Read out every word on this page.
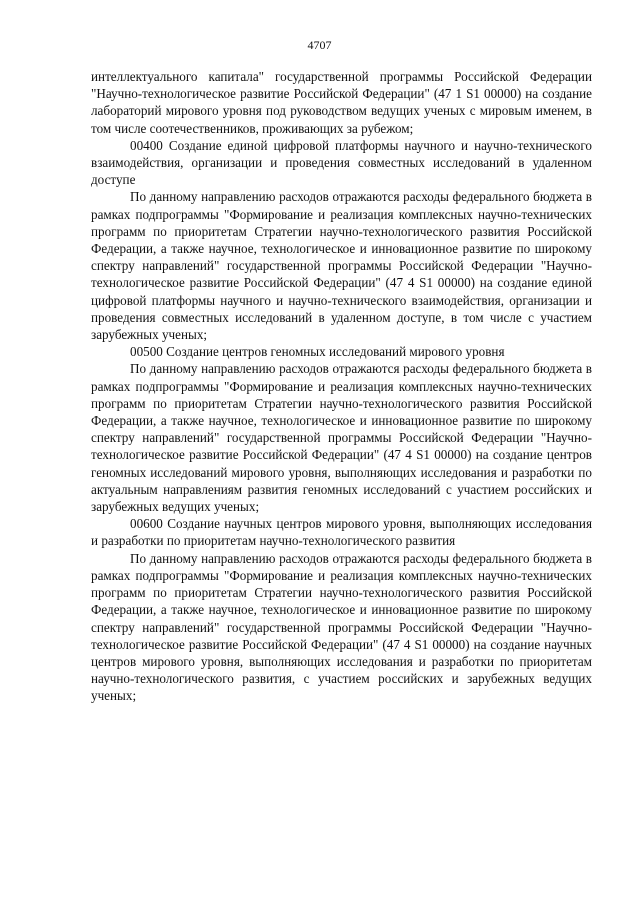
4707

интеллектуального капитала" государственной программы Российской Федерации "Научно-технологическое развитие Российской Федерации" (47 1 S1 00000) на создание лабораторий мирового уровня под руководством ведущих ученых с мировым именем, в том числе соотечественников, проживающих за рубежом;

00400 Создание единой цифровой платформы научного и научно-технического взаимодействия, организации и проведения совместных исследований в удаленном доступе

По данному направлению расходов отражаются расходы федерального бюджета в рамках подпрограммы "Формирование и реализация комплексных научно-технических программ по приоритетам Стратегии научно-технологического развития Российской Федерации, а также научное, технологическое и инновационное развитие по широкому спектру направлений" государственной программы Российской Федерации "Научно-технологическое развитие Российской Федерации" (47 4 S1 00000) на создание единой цифровой платформы научного и научно-технического взаимодействия, организации и проведения совместных исследований в удаленном доступе, в том числе с участием зарубежных ученых;

00500 Создание центров геномных исследований мирового уровня

По данному направлению расходов отражаются расходы федерального бюджета в рамках подпрограммы "Формирование и реализация комплексных научно-технических программ по приоритетам Стратегии научно-технологического развития Российской Федерации, а также научное, технологическое и инновационное развитие по широкому спектру направлений" государственной программы Российской Федерации "Научно-технологическое развитие Российской Федерации" (47 4 S1 00000) на создание центров геномных исследований мирового уровня, выполняющих исследования и разработки по актуальным направлениям развития геномных исследований с участием российских и зарубежных ведущих ученых;

00600 Создание научных центров мирового уровня, выполняющих исследования и разработки по приоритетам научно-технологического развития

По данному направлению расходов отражаются расходы федерального бюджета в рамках подпрограммы "Формирование и реализация комплексных научно-технических программ по приоритетам Стратегии научно-технологического развития Российской Федерации, а также научное, технологическое и инновационное развитие по широкому спектру направлений" государственной программы Российской Федерации "Научно-технологическое развитие Российской Федерации" (47 4 S1 00000) на создание научных центров мирового уровня, выполняющих исследования и разработки по приоритетам научно-технологического развития, с участием российских и зарубежных ведущих ученых;
